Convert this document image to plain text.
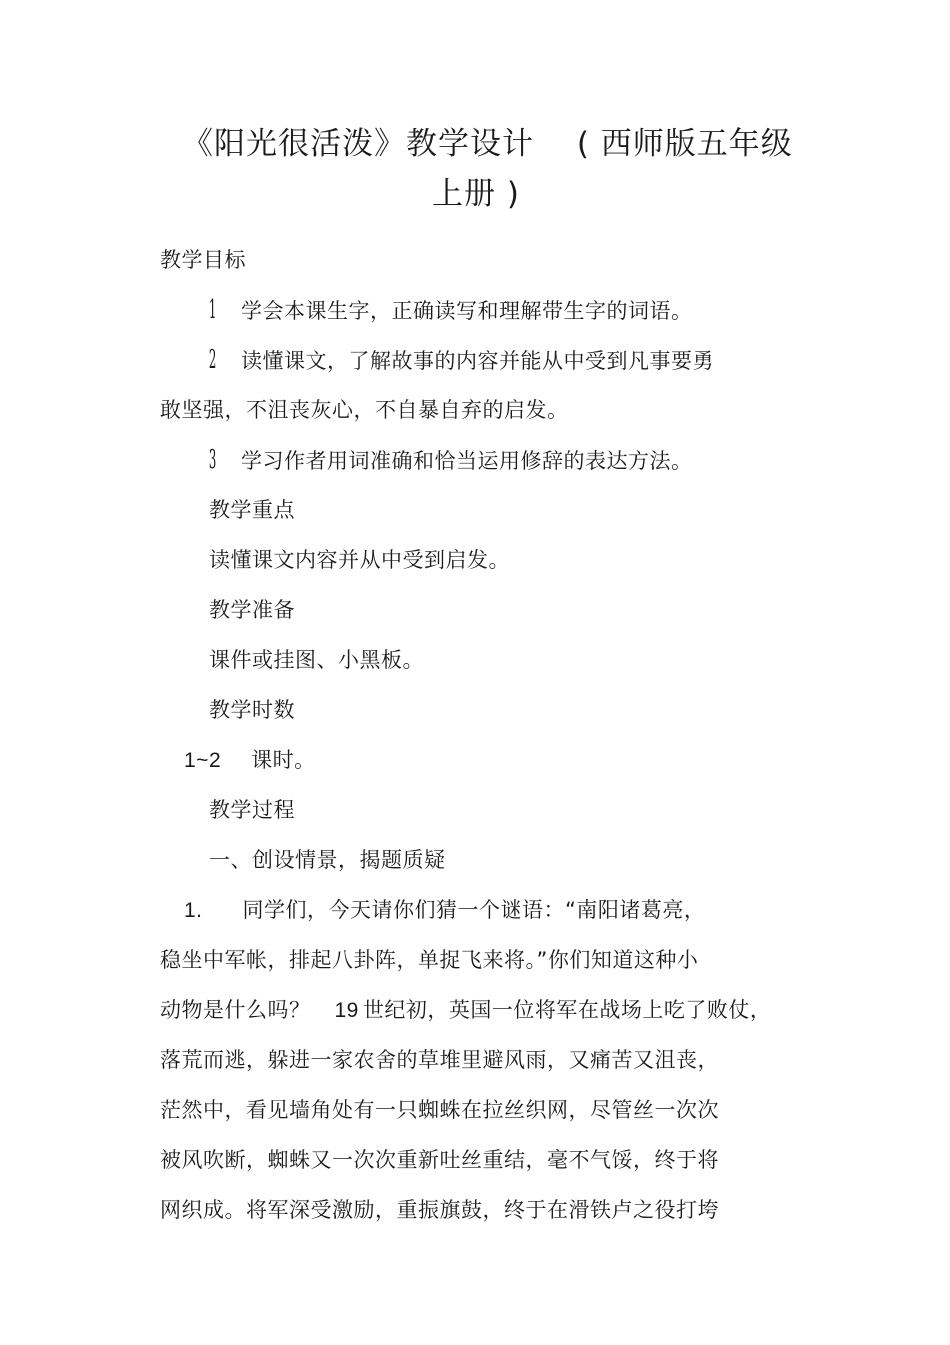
《阳光很活泼》教学设计　 ( 西师版五年级
上册 )
教学目标
1 学会本课生字，正确读写和理解带生字的词语。
2 读懂课文，了解故事的内容并能从中受到凡事要勇
敢坚强，不沮丧灰心，不自暴自弃的启发。
3 学习作者用词准确和恰当运用修辞的表达方法。
教学重点
读懂课文内容并从中受到启发。
教学准备
课件或挂图、小黑板。
教学时数
1~2 课时。
教学过程
一、创设情景，揭题质疑
1. 同学们，今天请你们猜一个谜语：“南阳诸葛亮，
稳坐中军帐，排起八卦阵，单捉飞来将。”你们知道这种小
动物是什么吗？ 19 世纪初，英国一位将军在战场上吃了败仗，
落荒而逃，躲进一家农舍的草堆里避风雨，又痛苦又沮丧，
茫然中，看见墙角处有一只蜘蛛在拉丝织网，尽管丝一次次
被风吹断，蜘蛛又一次次重新吐丝重结，毫不气馁，终于将
网织成。将军深受激励，重振旗鼓，终于在滑铁卢之役打垮
